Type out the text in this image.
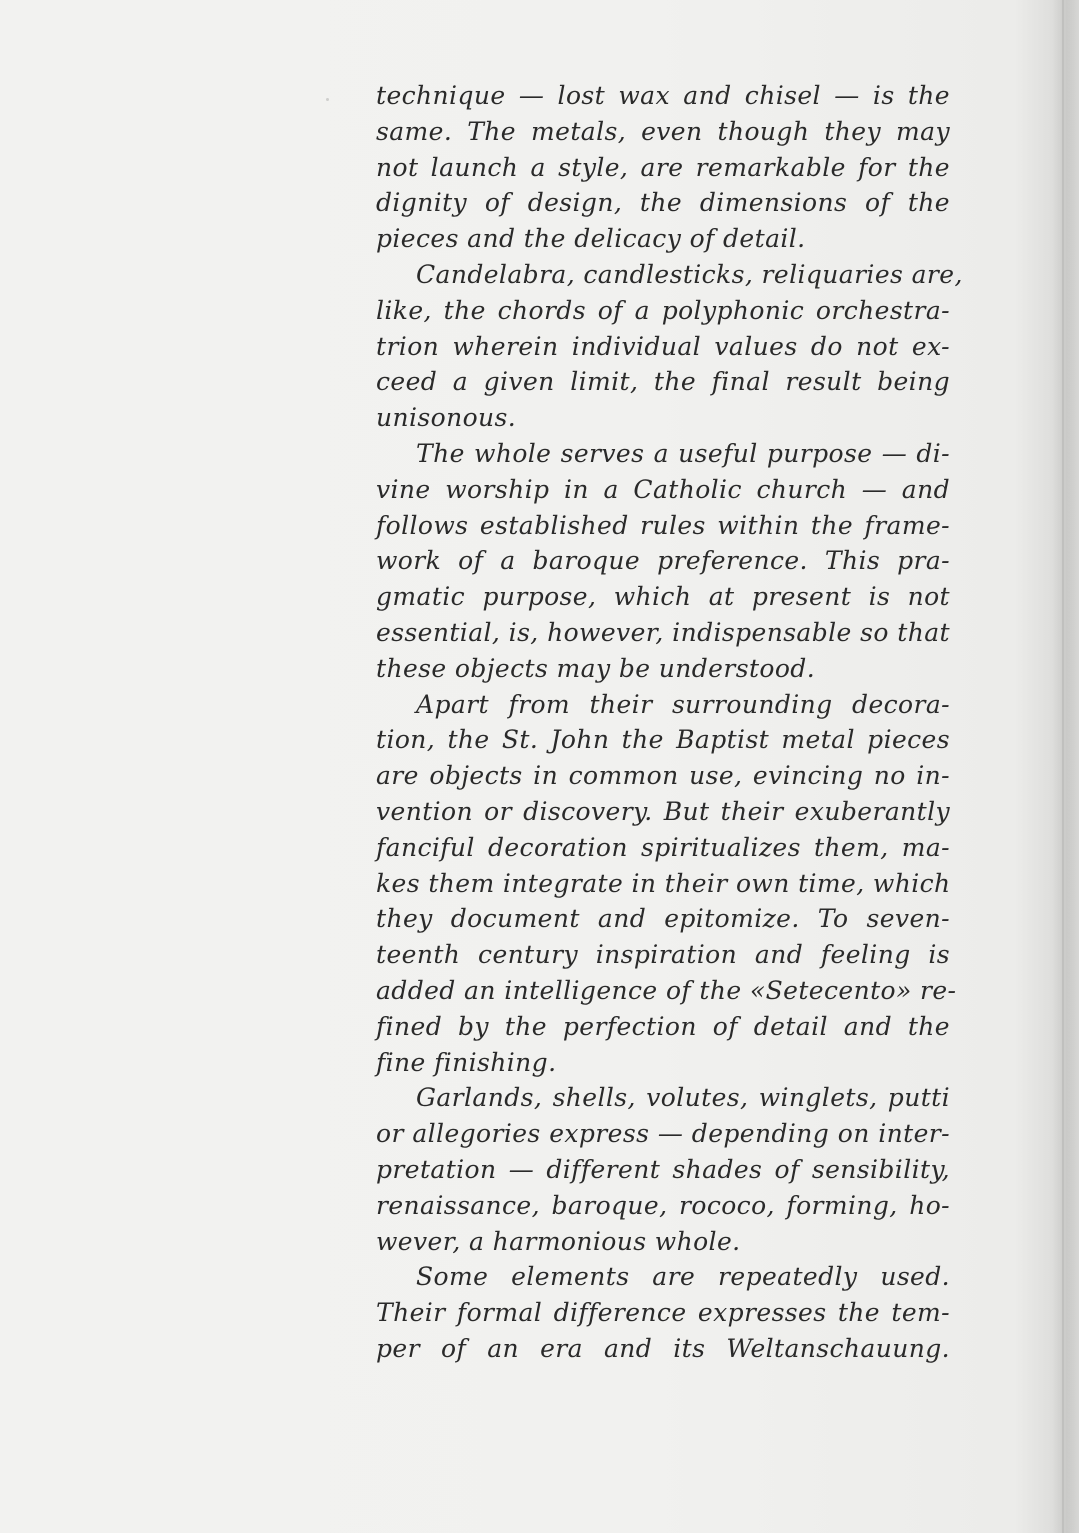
technique — lost wax and chisel — is the
same. The metals, even though they may
not launch a style, are remarkable for the
dignity of design, the dimensions of the
pieces and the delicacy of detail.
Candelabra, candlesticks, reliquaries are,
like, the chords of a polyphonic orchestra-
trion wherein individual values do not ex-
ceed a given limit, the final result being
unisonous.
The whole serves a useful purpose — di-
vine worship in a Catholic church — and
follows established rules within the frame-
work of a baroque preference. This pra-
gmatic purpose, which at present is not
essential, is, however, indispensable so that
these objects may be understood.
Apart from their surrounding decora-
tion, the St. John the Baptist metal pieces
are objects in common use, evincing no in-
vention or discovery. But their exuberantly
fanciful decoration spiritualizes them, ma-
kes them integrate in their own time, which
they document and epitomize. To seven-
teenth century inspiration and feeling is
added an intelligence of the «Setecento» re-
fined by the perfection of detail and the
fine finishing.
Garlands, shells, volutes, winglets, putti
or allegories express — depending on inter-
pretation — different shades of sensibility,
renaissance, baroque, rococo, forming, ho-
wever, a harmonious whole.
Some elements are repeatedly used.
Their formal difference expresses the tem-
per of an era and its Weltanschauung.
